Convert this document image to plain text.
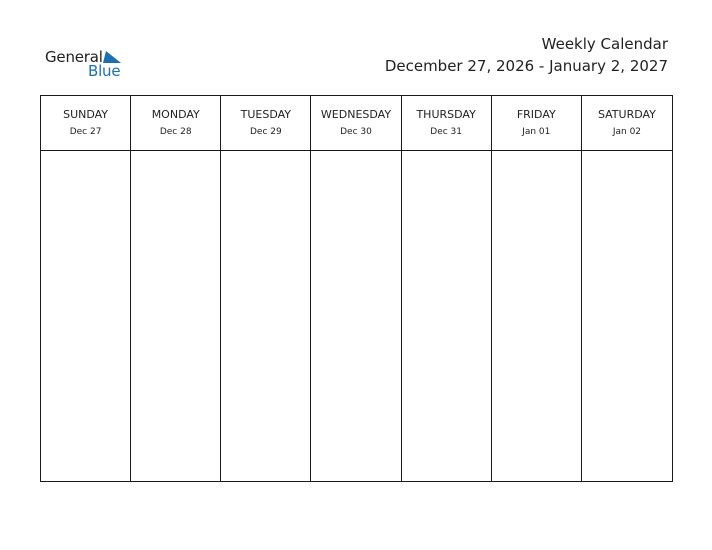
General
Blue
Weekly Calendar
December 27, 2026 - January 2, 2027
SUNDAY
Dec 27
MONDAY
Dec 28
TUESDAY
Dec 29
WEDNESDAY
Dec 30
THURSDAY
Dec 31
FRIDAY
Jan 01
SATURDAY
Jan 02
